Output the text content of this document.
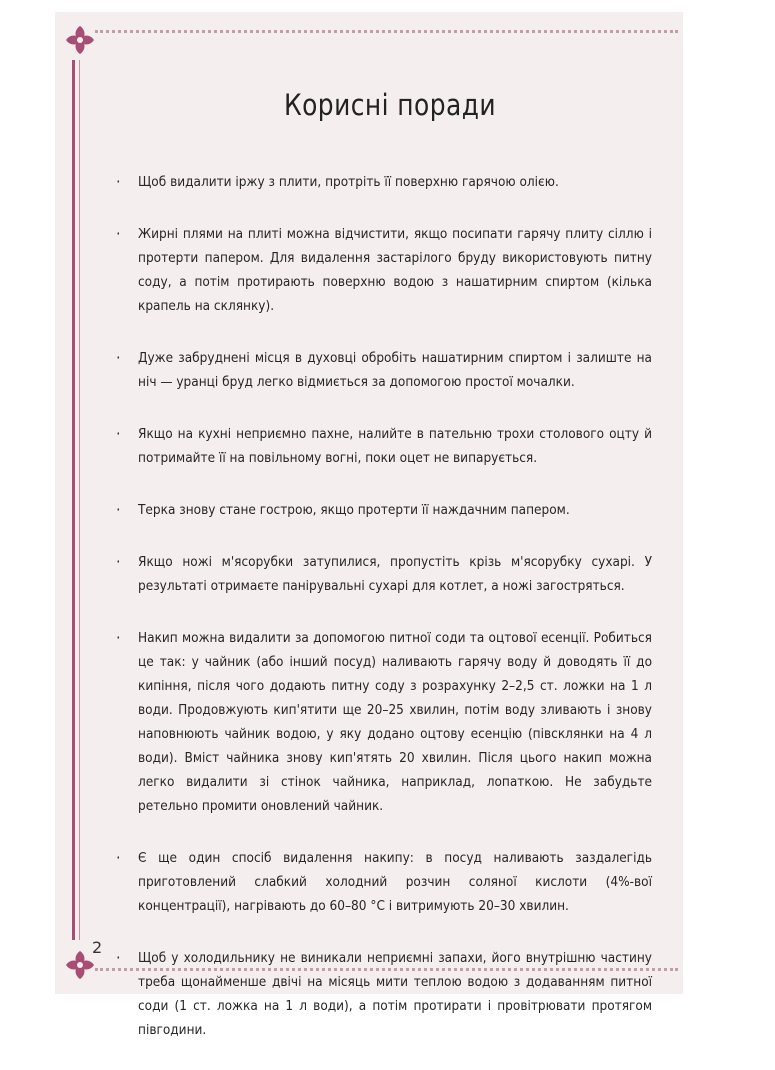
Корисні поради
· Щоб видалити іржу з плити, протріть її поверхню гарячою олією.
· Жирні плями на плиті можна відчистити, якщо посипати гарячу плиту сіллю і протерти папером. Для видалення застарілого бруду використовують питну соду, а потім протирають поверхню водою з нашатирним спиртом (кілька крапель на склянку).
· Дуже забруднені місця в духовці обробіть нашатирним спиртом і залиште на ніч — уранці бруд легко відмиється за допомогою простої мочалки.
· Якщо на кухні неприємно пахне, налийте в пательню трохи столового оцту й потримайте її на повільному вогні, поки оцет не випарується.
· Терка знову стане гострою, якщо протерти її наждачним папером.
· Якщо ножі м'ясорубки затупилися, пропустіть крізь м'ясорубку сухарі. У результаті отримаєте панірувальні сухарі для котлет, а ножі загостряться.
· Накип можна видалити за допомогою питної соди та оцтової есенції. Робиться це так: у чайник (або інший посуд) наливають гарячу воду й доводять її до кипіння, після чого додають питну соду з розрахунку 2–2,5 ст. ложки на 1 л води. Продовжують кип'ятити ще 20–25 хвилин, потім воду зливають і знову наповнюють чайник водою, у яку додано оцтову есенцію (півсклянки на 4 л води). Вміст чайника знову кип'ятять 20 хвилин. Після цього накип можна легко видалити зі стінок чайника, наприклад, лопаткою. Не забудьте ретельно промити оновлений чайник.
· Є ще один спосіб видалення накипу: в посуд наливають заздалегідь приготовлений слабкий холодний розчин соляної кислоти (4%-вої концентрації), нагрівають до 60–80 °С і витримують 20–30 хвилин.
· Щоб у холодильнику не виникали неприємні запахи, його внутрішню частину треба щонайменше двічі на місяць мити теплою водою з додаванням питної соди (1 ст. ложка на 1 л води), а потім протирати і провітрювати протягом півгодини.
2
